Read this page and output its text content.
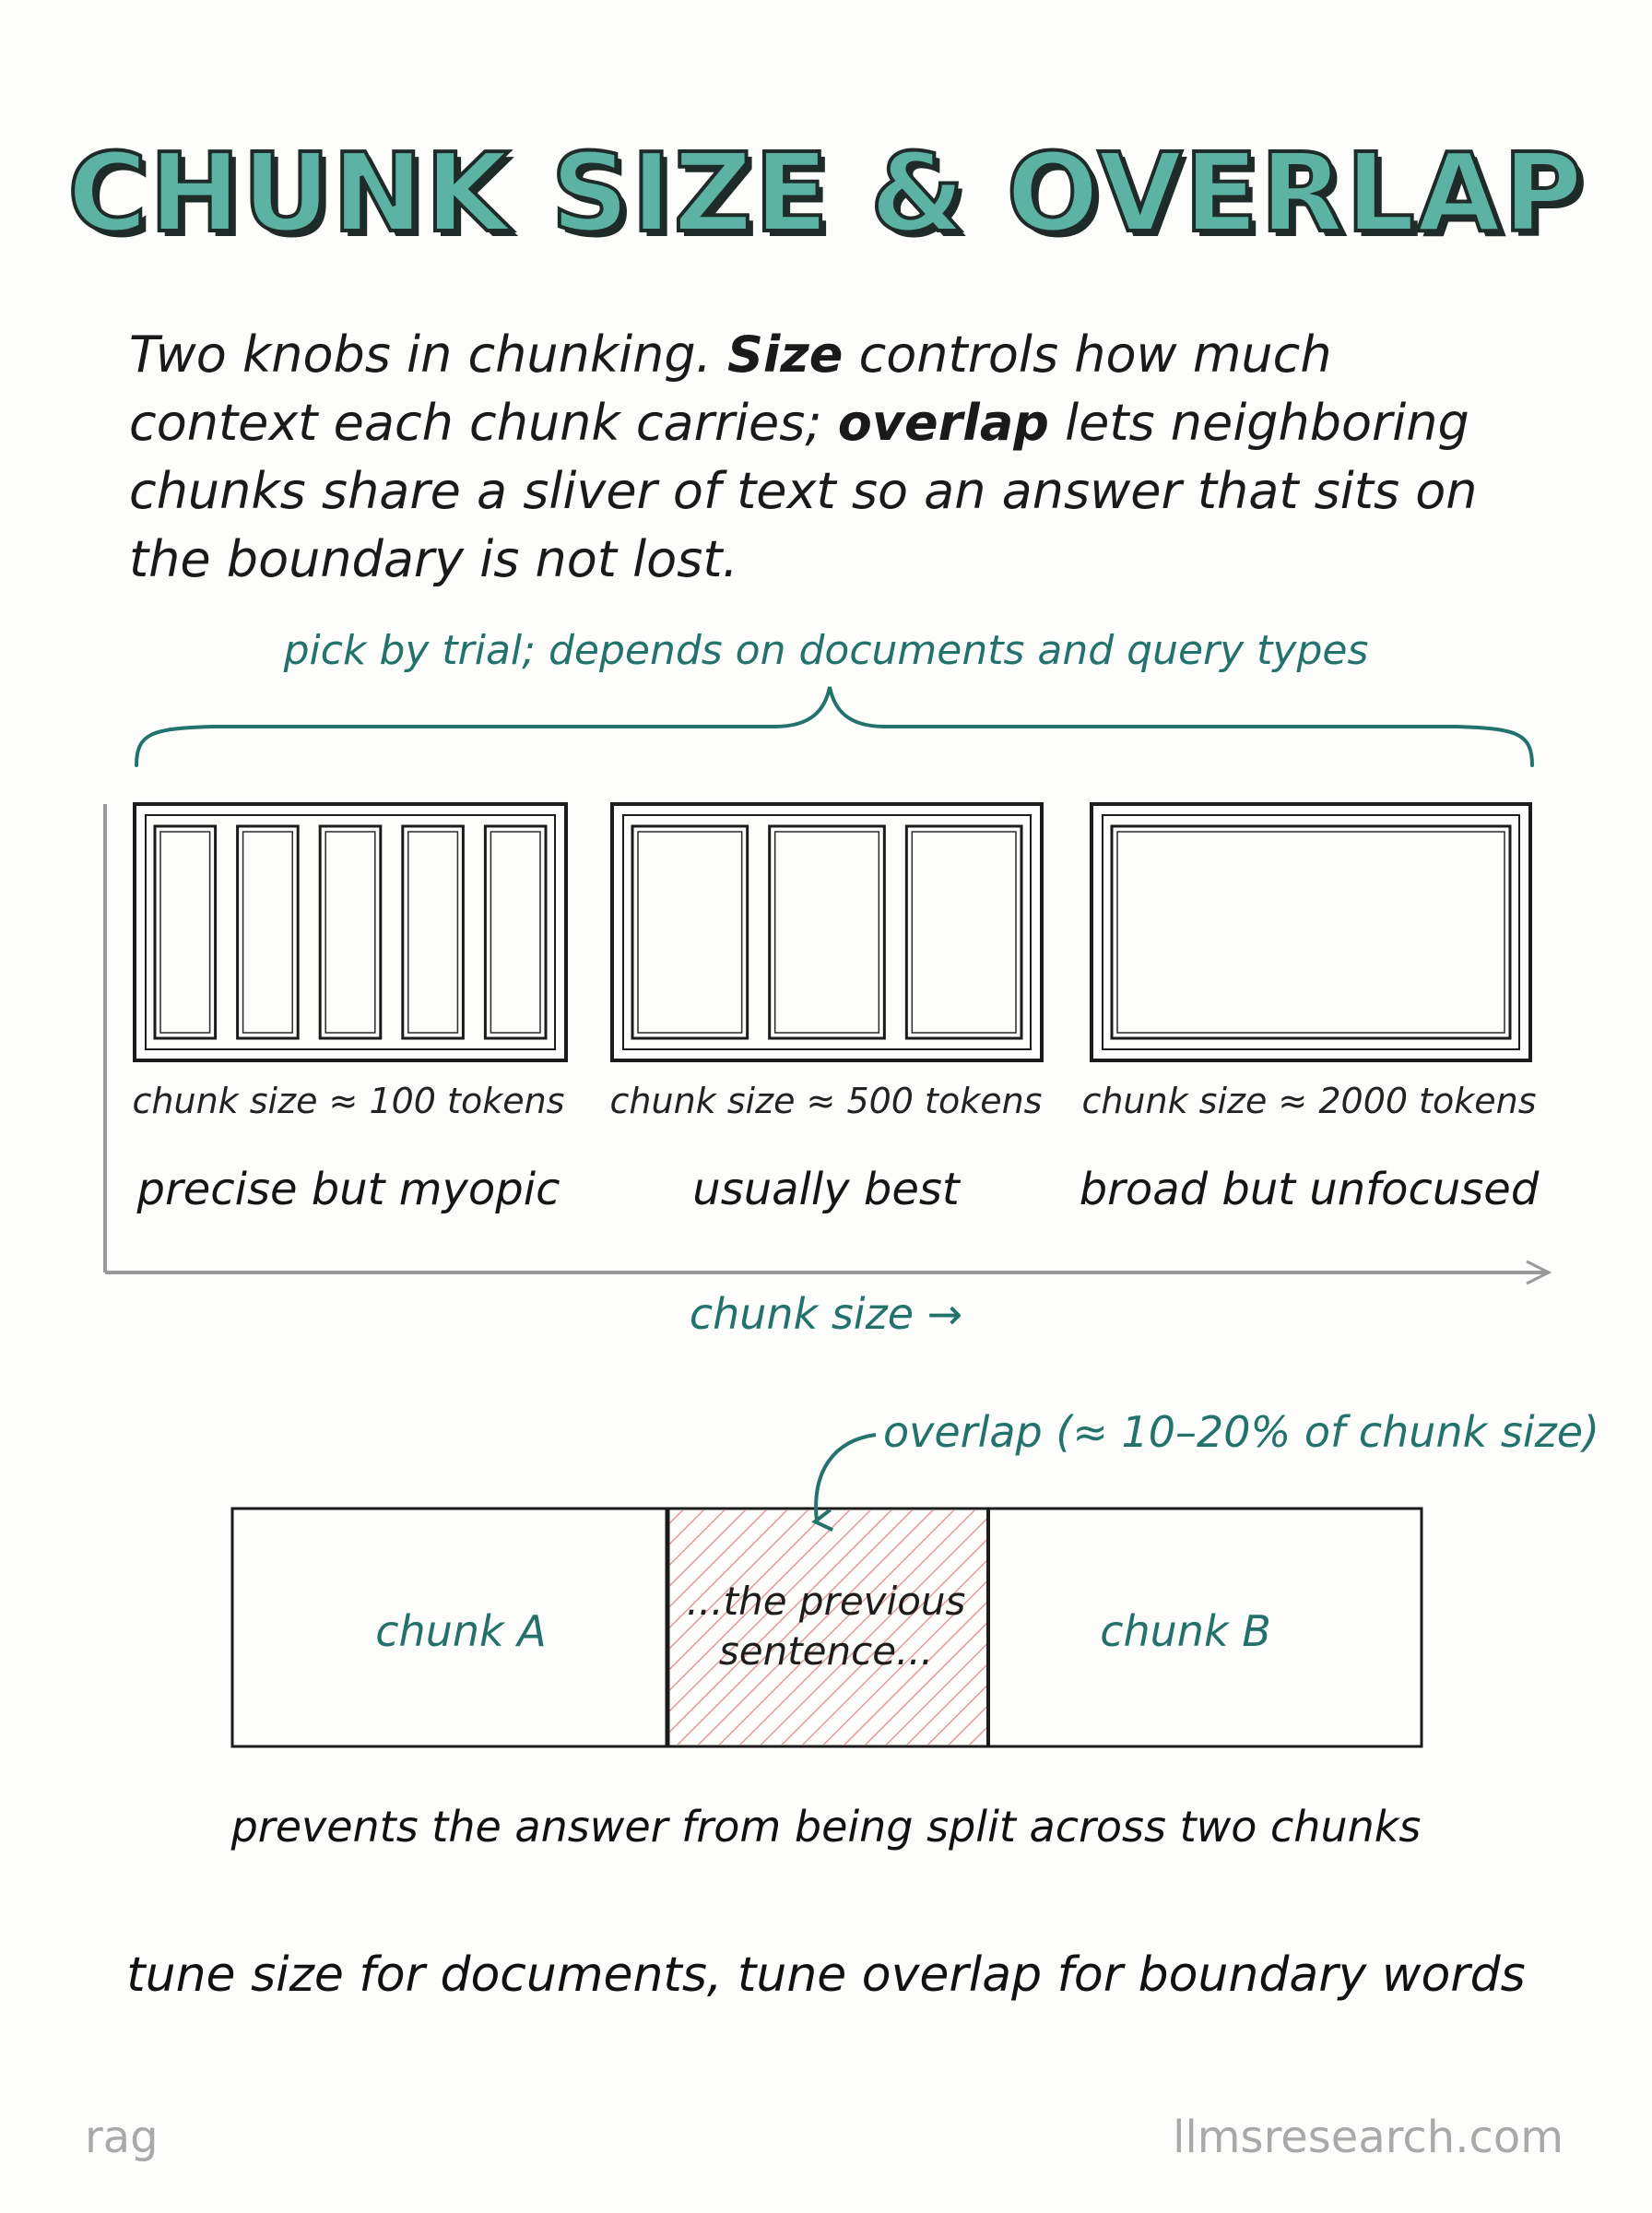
CHUNK SIZE & OVERLAP
Two knobs in chunking. Size controls how much context each chunk carries; overlap lets neighboring chunks share a sliver of text so an answer that sits on the boundary is not lost.
pick by trial; depends on documents and query types
chunk size ≈ 100 tokens	chunk size ≈ 500 tokens	chunk size ≈ 2000 tokens
precise but myopic	usually best	broad but unfocused
chunk size →
overlap (≈ 10–20% of chunk size)
chunk A
...the previous sentence...	chunk B
prevents the answer from being split across two chunks
tune size for documents, tune overlap for boundary words
rag	llmsresearch.com
